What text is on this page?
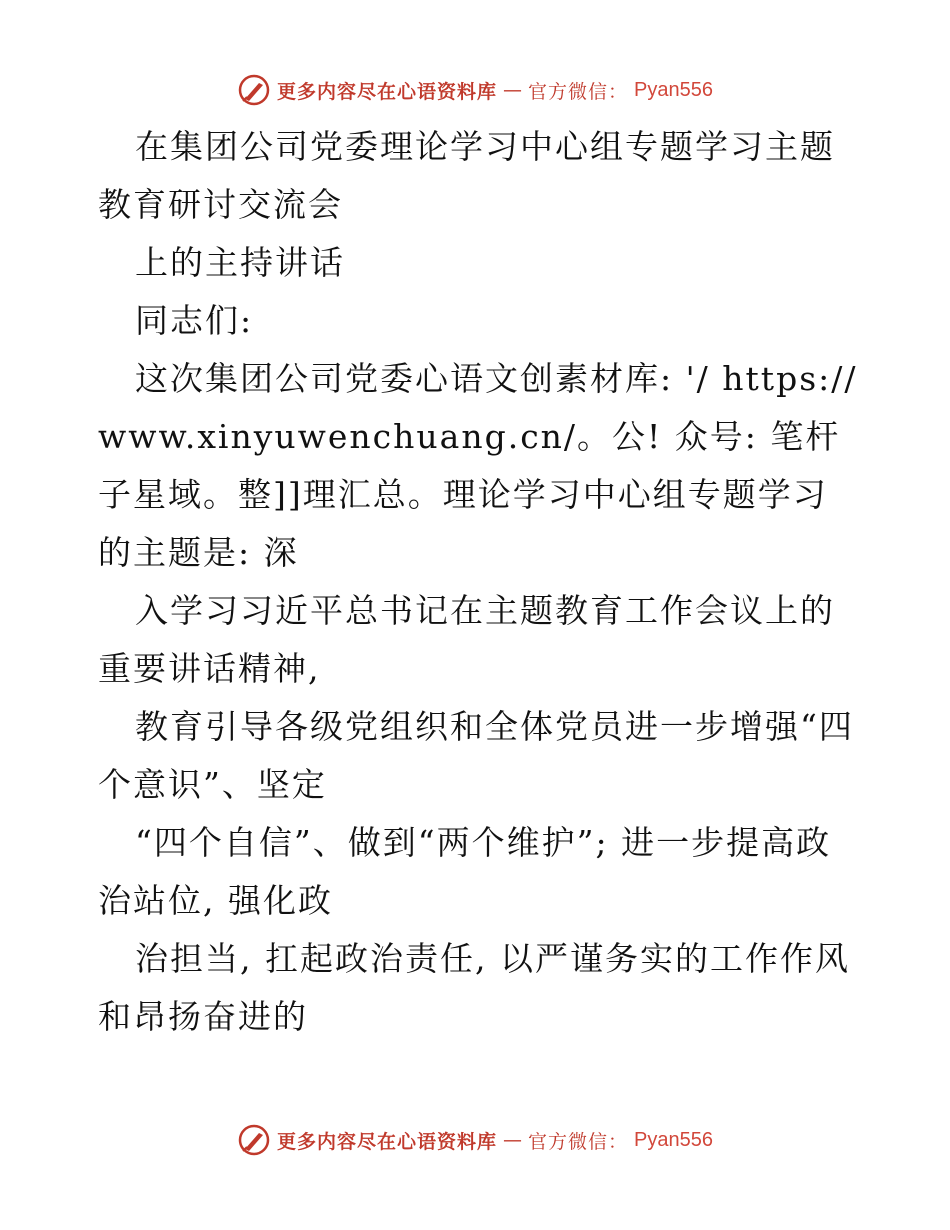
更多内容尽在心语资料库 — 官方微信： Pyan556

在集团公司党委理论学习中心组专题学习主题教育研讨交流会

上的主持讲话

同志们:

这次集团公司党委心语文创素材库: '/ https://www.xinyuwenchuang.cn/。公! 众号: 笔杆子星域。整]]理汇总。理论学习中心组专题学习的主题是: 深

入学习习近平总书记在主题教育工作会议上的重要讲话精神,

教育引导各级党组织和全体党员进一步增强“四个意识”、坚定

“四个自信”、做到“两个维护”; 进一步提高政治站位, 强化政

治担当, 扛起政治责任, 以严谨务实的工作作风和昂扬奋进的

更多内容尽在心语资料库 — 官方微信： Pyan556
